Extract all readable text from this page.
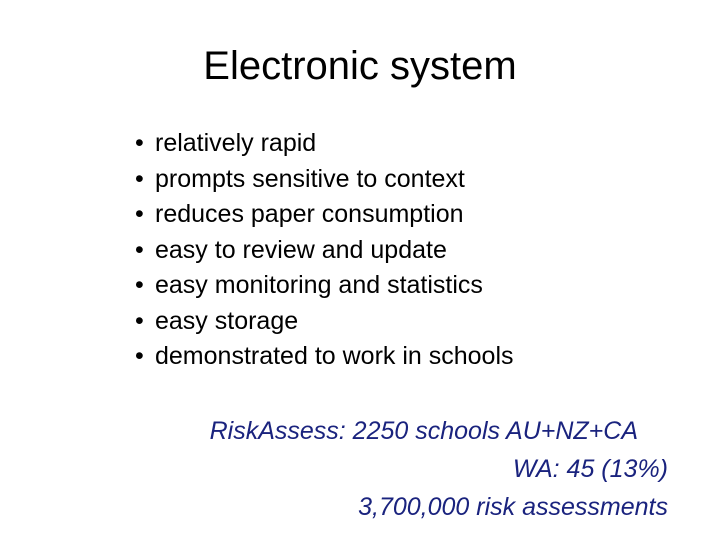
Electronic system
• relatively rapid
• prompts sensitive to context
• reduces paper consumption
• easy to review and update
• easy monitoring and statistics
• easy storage
• demonstrated to work in schools
RiskAssess: 2250 schools AU+NZ+CA
WA: 45 (13%)
3,700,000 risk assessments
